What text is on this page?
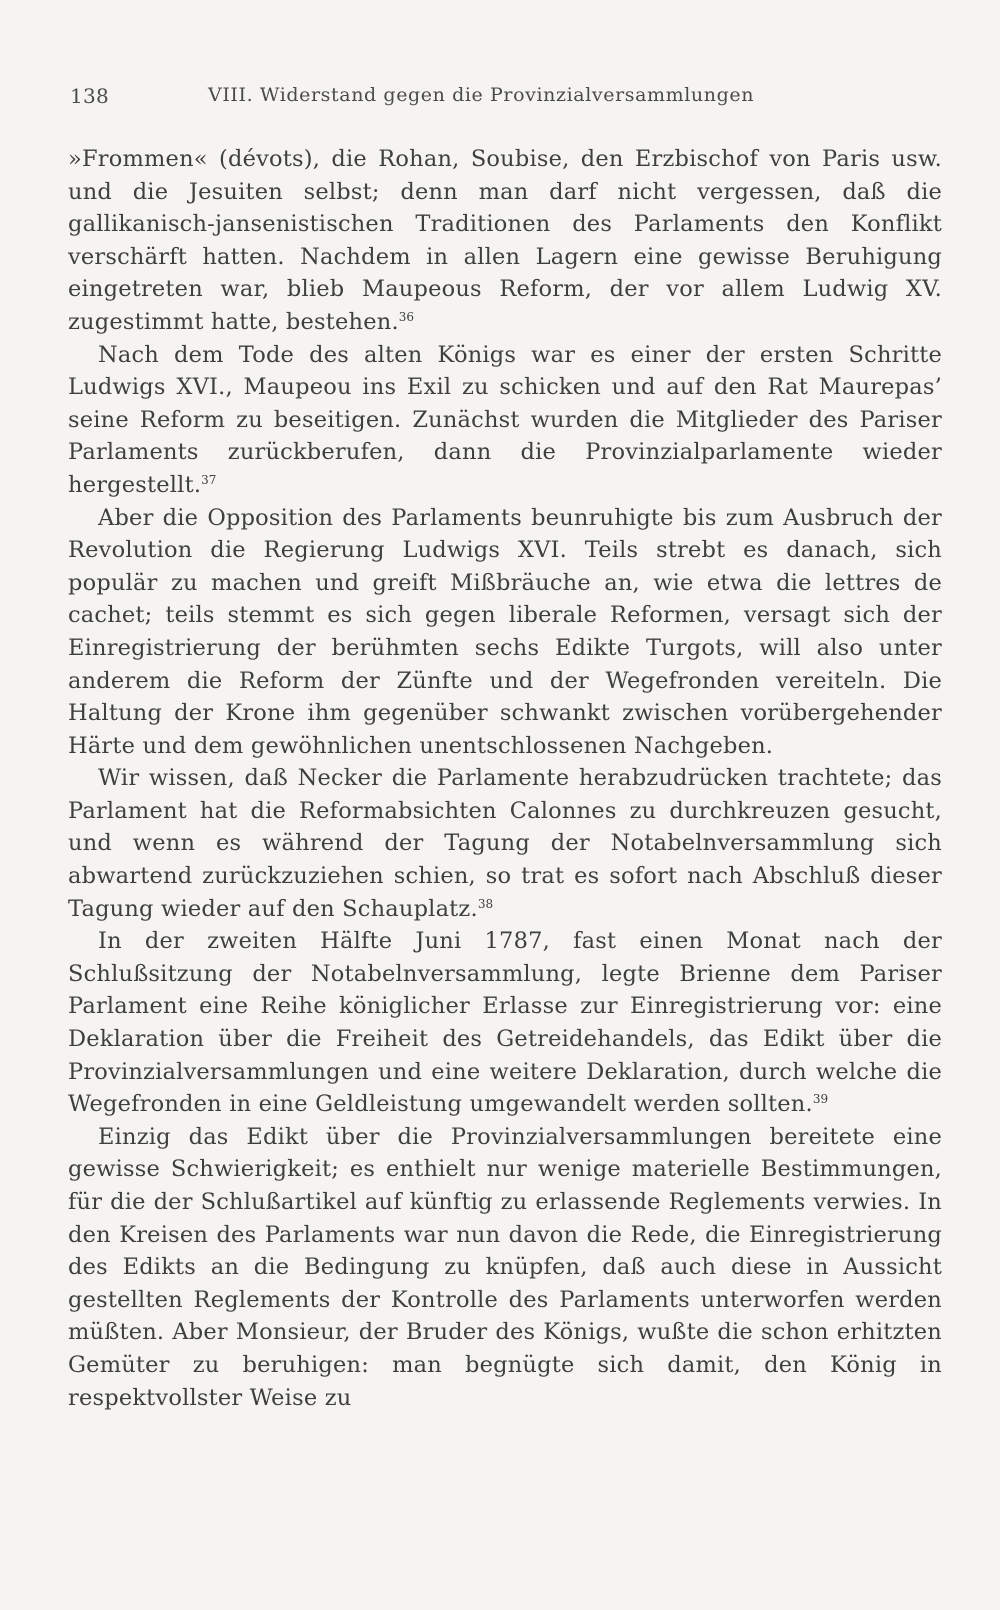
138	VIII. Widerstand gegen die Provinzialversammlungen

»Frommen« (dévots), die Rohan, Soubise, den Erzbischof von Paris usw. und die Jesuiten selbst; denn man darf nicht vergessen, daß die gallikanisch-jansenistischen Traditionen des Parlaments den Konflikt verschärft hatten. Nachdem in allen Lagern eine gewisse Beruhigung eingetreten war, blieb Maupeous Reform, der vor allem Ludwig XV. zugestimmt hatte, bestehen.$^{36}$

Nach dem Tode des alten Königs war es einer der ersten Schritte Ludwigs XVI., Maupeou ins Exil zu schicken und auf den Rat Maurepas’ seine Reform zu beseitigen. Zunächst wurden die Mitglieder des Pariser Parlaments zurückberufen, dann die Provinzialparlamente wieder hergestellt.$^{37}$

Aber die Opposition des Parlaments beunruhigte bis zum Ausbruch der Revolution die Regierung Ludwigs XVI. Teils strebt es danach, sich populär zu machen und greift Mißbräuche an, wie etwa die lettres de cachet; teils stemmt es sich gegen liberale Reformen, versagt sich der Einregistrierung der berühmten sechs Edikte Turgots, will also unter anderem die Reform der Zünfte und der Wegefronden vereiteln. Die Haltung der Krone ihm gegenüber schwankt zwischen vorübergehender Härte und dem gewöhnlichen unentschlossenen Nachgeben.

Wir wissen, daß Necker die Parlamente herabzudrücken trachtete; das Parlament hat die Reformabsichten Calonnes zu durchkreuzen gesucht, und wenn es während der Tagung der Notabelnversammlung sich abwartend zurückzuziehen schien, so trat es sofort nach Abschluß dieser Tagung wieder auf den Schauplatz.$^{38}$

In der zweiten Hälfte Juni 1787, fast einen Monat nach der Schlußsitzung der Notabelnversammlung, legte Brienne dem Pariser Parlament eine Reihe königlicher Erlasse zur Einregistrierung vor: eine Deklaration über die Freiheit des Getreidehandels, das Edikt über die Provinzialversammlungen und eine weitere Deklaration, durch welche die Wegefronden in eine Geldleistung umgewandelt werden sollten.$^{39}$

Einzig das Edikt über die Provinzialversammlungen bereitete eine gewisse Schwierigkeit; es enthielt nur wenige materielle Bestimmungen, für die der Schlußartikel auf künftig zu erlassende Reglements verwies. In den Kreisen des Parlaments war nun davon die Rede, die Einregistrierung des Edikts an die Bedingung zu knüpfen, daß auch diese in Aussicht gestellten Reglements der Kontrolle des Parlaments unterworfen werden müßten. Aber Monsieur, der Bruder des Königs, wußte die schon erhitzten Gemüter zu beruhigen: man begnügte sich damit, den König in respektvollster Weise zu
